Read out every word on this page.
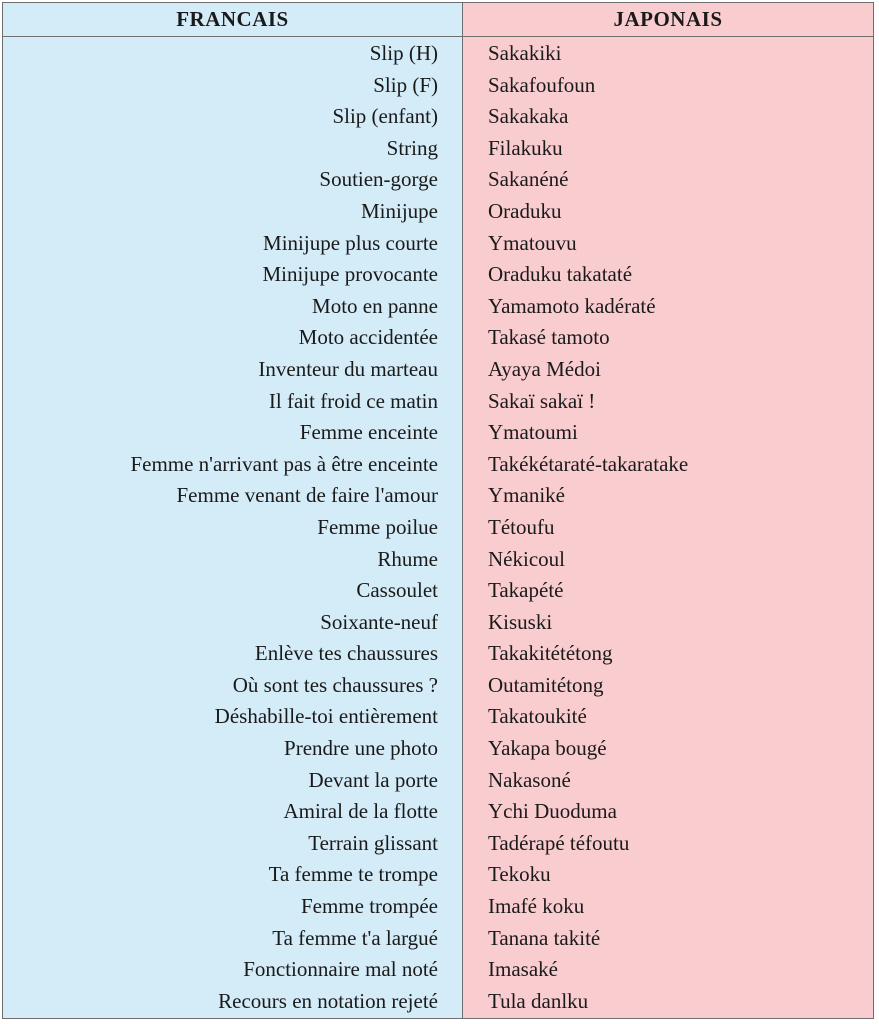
FRANCAIS	JAPONAIS
Slip (H) Sakakiki
Slip (F) Sakafoufoun
Slip (enfant) Sakakaka
String Filakuku
Soutien-gorge Sakanéné
Minijupe Oraduku
Minijupe plus courte Ymatouvu
Minijupe provocante Oraduku takataté
Moto en panne Yamamoto kadératé
Moto accidentée Takasé tamoto
Inventeur du marteau Ayaya Médoi
Il fait froid ce matin Sakaï sakaï !
Femme enceinte Ymatoumi
Femme n'arrivant pas à être enceinte Takékétaraté-takaratake
Femme venant de faire l'amour Ymaniké
Femme poilue Tétoufu
Rhume Nékicoul
Cassoulet Takapété
Soixante-neuf Kisuski
Enlève tes chaussures Takakitététong
Où sont tes chaussures ? Outamitétong
Déshabille-toi entièrement Takatoukité
Prendre une photo Yakapa bougé
Devant la porte Nakasoné
Amiral de la flotte Ychi Duoduma
Terrain glissant Tadérapé téfoutu
Ta femme te trompe Tekoku
Femme trompée Imafé koku
Ta femme t'a largué Tanana takité
Fonctionnaire mal noté Imasaké
Recours en notation rejeté Tula danlku
